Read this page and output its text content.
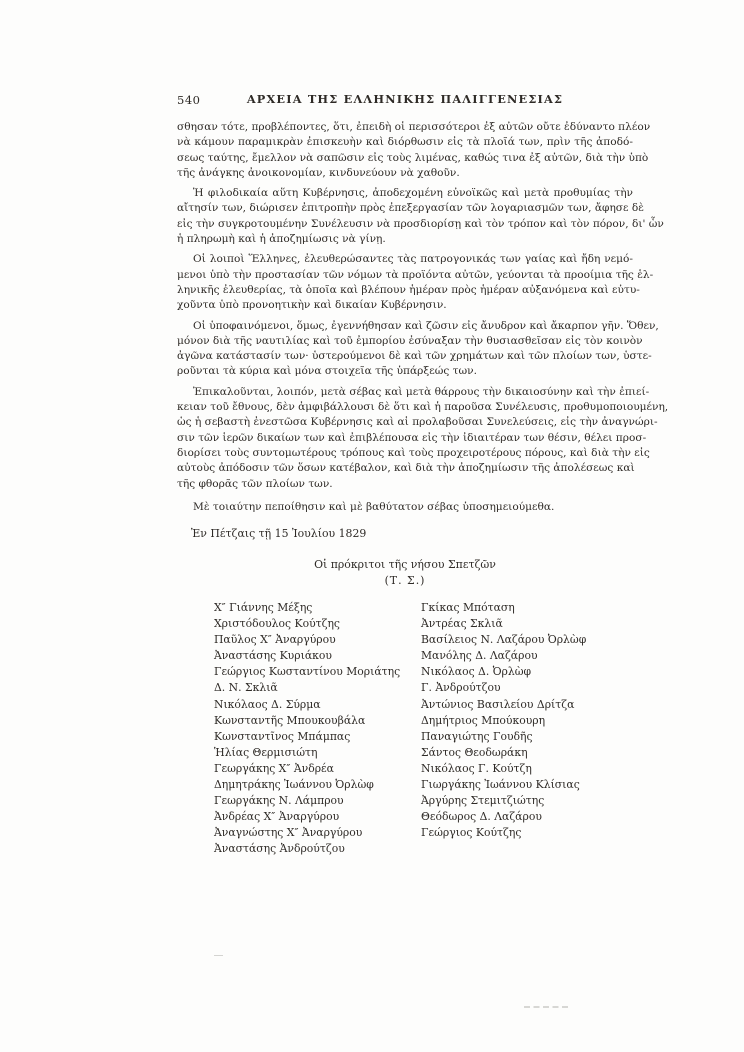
540	ΑΡΧΕΙΑ ΤΗΣ ΕΛΛΗΝΙΚΗΣ ΠΑΛΙΓΓΕΝΕΣΙΑΣ
σθησαν τότε, προβλέποντες, ὅτι, ἐπειδὴ οἱ περισσότεροι ἐξ αὐτῶν οὔτε ἐδύναντο πλέον
νὰ κάμουν παραμικρὰν ἐπισκευὴν καὶ διόρθωσιν εἰς τὰ πλοῖά των, πρὶν τῆς ἀποδό-
σεως ταύτης, ἔμελλον νὰ σαπῶσιν εἰς τοὺς λιμένας, καθώς τινα ἐξ αὐτῶν, διὰ τὴν ὑπὸ
τῆς ἀνάγκης ἀνοικονομίαν, κινδυνεύουν νὰ χαθοῦν.
Ἡ φιλοδικαία αὕτη Κυβέρνησις, ἀποδεχομένη εὐνοϊκῶς καὶ μετὰ προθυμίας τὴν
αἴτησίν των, διώρισεν ἐπιτροπὴν πρὸς ἐπεξεργασίαν τῶν λογαριασμῶν των, ἄφησε δὲ
εἰς τὴν συγκροτουμένην Συνέλευσιν νὰ προσδιορίσῃ καὶ τὸν τρόπον καὶ τὸν πόρον, δι' ὧν
ἡ πληρωμὴ καὶ ἡ ἀποζημίωσις νὰ γίνῃ.
Οἱ λοιποὶ Ἕλληνες, ἐλευθερώσαντες τὰς πατρογονικάς των γαίας καὶ ἤδη νεμό-
μενοι ὑπὸ τὴν προστασίαν τῶν νόμων τὰ προϊόντα αὐτῶν, γεύονται τὰ προοίμια τῆς ἑλ-
ληνικῆς ἐλευθερίας, τὰ ὁποῖα καὶ βλέπουν ἡμέραν πρὸς ἡμέραν αὐξανόμενα καὶ εὐτυ-
χοῦντα ὑπὸ προνοητικὴν καὶ δικαίαν Κυβέρνησιν.
Οἱ ὑποφαινόμενοι, ὅμως, ἐγεννήθησαν καὶ ζῶσιν εἰς ἄνυδρον καὶ ἄκαρπον γῆν. Ὅθεν,
μόνον διὰ τῆς ναυτιλίας καὶ τοῦ ἐμπορίου ἐσύναξαν τὴν θυσιασθεῖσαν εἰς τὸν κοινὸν
ἀγῶνα κατάστασίν των· ὑστερούμενοι δὲ καὶ τῶν χρημάτων καὶ τῶν πλοίων των, ὑστε-
ροῦνται τὰ κύρια καὶ μόνα στοιχεῖα τῆς ὑπάρξεώς των.
Ἐπικαλοῦνται, λοιπόν, μετὰ σέβας καὶ μετὰ θάρρους τὴν δικαιοσύνην καὶ τὴν ἐπιεί-
κειαν τοῦ ἔθνους, δὲν ἀμφιβάλλουσι δὲ ὅτι καὶ ἡ παροῦσα Συνέλευσις, προθυμοποιουμένη,
ὡς ἡ σεβαστὴ ἐνεστῶσα Κυβέρνησις καὶ αἱ προλαβοῦσαι Συνελεύσεις, εἰς τὴν ἀναγνώρι-
σιν τῶν ἱερῶν δικαίων των καὶ ἐπιβλέπουσα εἰς τὴν ἰδιαιτέραν των θέσιν, θέλει προσ-
διορίσει τοὺς συντομωτέρους τρόπους καὶ τοὺς προχειροτέρους πόρους, καὶ διὰ τὴν εἰς
αὐτοὺς ἀπόδοσιν τῶν ὅσων κατέβαλον, καὶ διὰ τὴν ἀποζημίωσιν τῆς ἀπολέσεως καὶ
τῆς φθορᾶς τῶν πλοίων των.
Μὲ τοιαύτην πεποίθησιν καὶ μὲ βαθύτατον σέβας ὑποσημειούμεθα.

Ἐν Πέτζαις τῇ 15 Ἰουλίου 1829

Οἱ πρόκριτοι τῆς νήσου Σπετζῶν
(Τ. Σ.)
Χ″ Γιάννης Μέξης
Χριστόδουλος Κούτζης
Παῦλος Χ″ Ἀναργύρου
Ἀναστάσης Κυριάκου
Γεώργιος Κωσταντίνου Μοριάτης
Δ. Ν. Σκλιᾶ
Νικόλαος Δ. Σύρμα
Κωνσταντῆς Μπουκουβάλα
Κωνσταντῖνος Μπάμπας
Ἡλίας Θερμισιώτη
Γεωργάκης Χ″ Ἀνδρέα
Δημητράκης Ἰωάννου Ὀρλὼφ
Γεωργάκης Ν. Λάμπρου
Ἀνδρέας Χ″ Ἀναργύρου
Ἀναγνώστης Χ″ Ἀναργύρου
Ἀναστάσης Ἀνδρούτζου
Γκίκας Μπόταση
Ἀντρέας Σκλιᾶ
Βασίλειος Ν. Λαζάρου Ὀρλὼφ
Μανόλης Δ. Λαζάρου
Νικόλαος Δ. Ὀρλὼφ
Γ. Ἀνδρούτζου
Ἀντώνιος Βασιλείου Δρίτζα
Δημήτριος Μπούκουρη
Παναγιώτης Γουδῆς
Σάντος Θεοδωράκη
Νικόλαος Γ. Κούτζη
Γιωργάκης Ἰωάννου Κλίσιας
Ἀργύρης Στεμιτζιώτης
Θεόδωρος Δ. Λαζάρου
Γεώργιος Κούτζης
